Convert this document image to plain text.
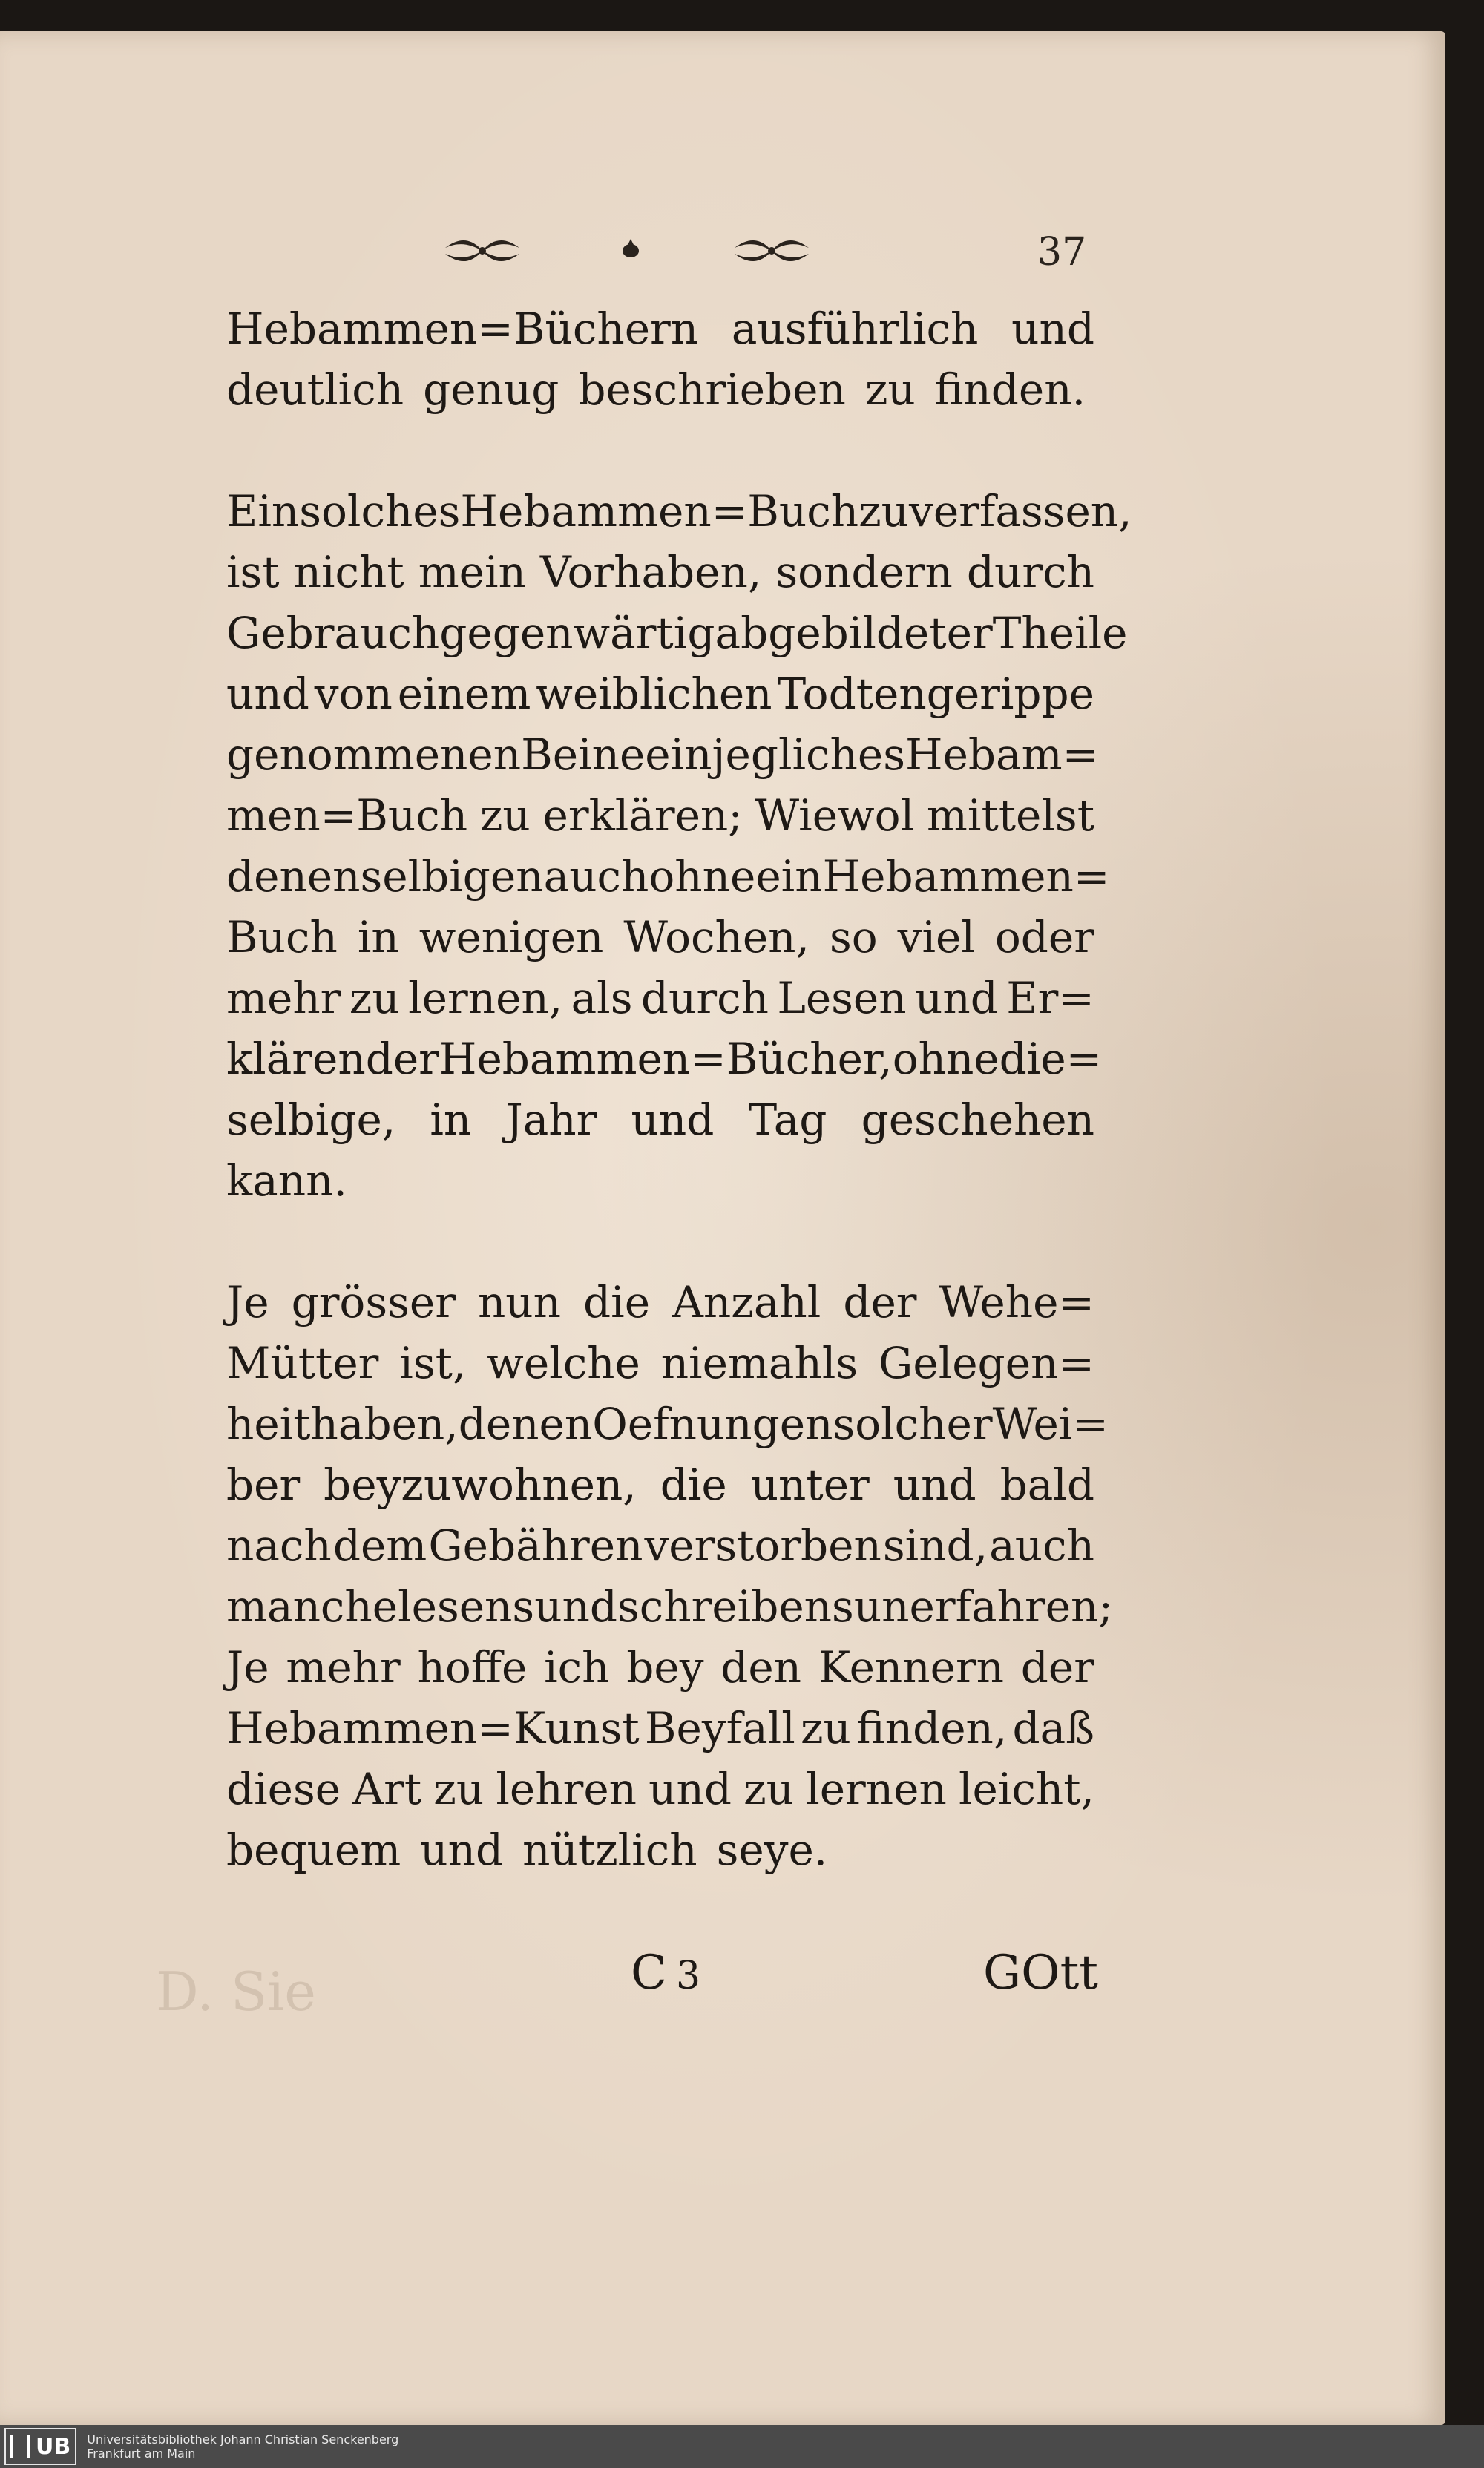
37
Hebammen=Büchern ausführlich und
deutlich genug beschrieben zu finden.
Ein solches Hebammen=Buch zu verfassen,
ist nicht mein Vorhaben, sondern durch
Gebrauch gegenwärtig abgebildeter Theile
und von einem weiblichen Todtengerippe
genommenen Beine ein jegliches Hebam=
men=Buch zu erklären; Wiewol mittelst
denenselbigen auch ohne ein Hebammen=
Buch in wenigen Wochen, so viel oder
mehr zu lernen, als durch Lesen und Er=
klären der Hebammen=Bücher, ohne die=
selbige, in Jahr und Tag geschehen
kann.
Je grösser nun die Anzahl der Wehe=
Mütter ist, welche niemahls Gelegen=
heit haben, denen Oefnungen solcher Wei=
ber beyzuwohnen, die unter und bald
nach dem Gebähren verstorben sind, auch
manche lesens und schreibens unerfahren;
Je mehr hoffe ich bey den Kennern der
Hebammen=Kunst Beyfall zu finden, daß
diese Art zu lehren und zu lernen leicht,
bequem und nützlich seye.
D. Sie	C 3	GOtt
UB Universitätsbibliothek Johann Christian Senckenberg
Frankfurt am Main
